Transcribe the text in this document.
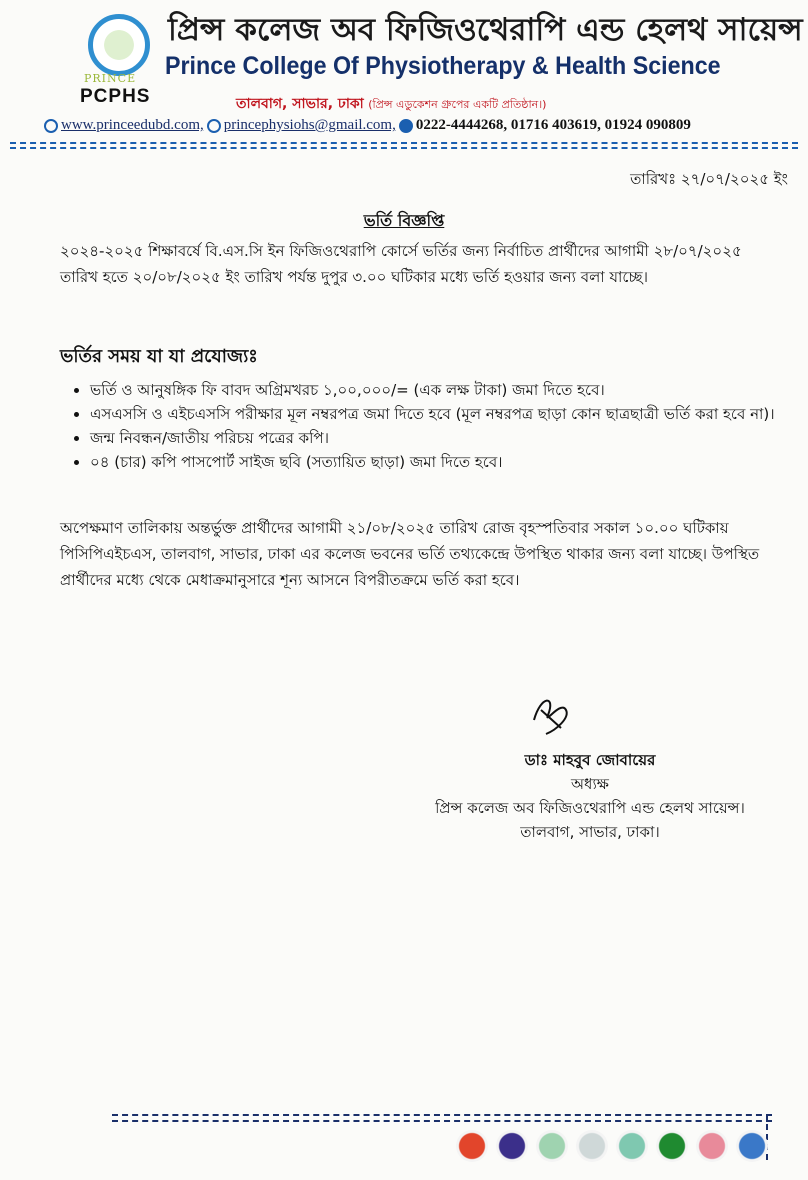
PRINCE
PCPHS
প্রিন্স কলেজ অব ফিজিওথেরাপি এন্ড হেলথ সায়েন্স
Prince College Of Physiotherapy & Health Science
তালবাগ, সাভার, ঢাকা (প্রিন্স এডুকেশন গ্রুপের একটি প্রতিষ্ঠান।)
www.princeedubd.com, princephysiohs@gmail.com, 0222-4444268, 01716 403619, 01924 090809
তারিখঃ ২৭/০৭/২০২৫ ইং
ভর্তি বিজ্ঞপ্তি
২০২৪-২০২৫ শিক্ষাবর্ষে বি.এস.সি ইন ফিজিওথেরাপি কোর্সে ভর্তির জন্য নির্বাচিত প্রার্থীদের আগামী ২৮/০৭/২০২৫ তারিখ হতে ২০/০৮/২০২৫ ইং তারিখ পর্যন্ত দুপুর ৩.০০ ঘটিকার মধ্যে ভর্তি হওয়ার জন্য বলা যাচ্ছে।
ভর্তির সময় যা যা প্রযোজ্যঃ
• ভর্তি ও আনুষঙ্গিক ফি বাবদ অগ্রিমখরচ ১,০০,০০০/= (এক লক্ষ টাকা) জমা দিতে হবে।
• এসএসসি ও এইচএসসি পরীক্ষার মূল নম্বরপত্র জমা দিতে হবে (মূল নম্বরপত্র ছাড়া কোন ছাত্রছাত্রী ভর্তি করা হবে না)।
• জন্ম নিবন্ধন/জাতীয় পরিচয় পত্রের কপি।
• ০৪ (চার) কপি পাসপোর্ট সাইজ ছবি (সত্যায়িত ছাড়া) জমা দিতে হবে।
অপেক্ষমাণ তালিকায় অন্তর্ভুক্ত প্রার্থীদের আগামী ২১/০৮/২০২৫ তারিখ রোজ বৃহস্পতিবার সকাল ১০.০০ ঘটিকায় পিসিপিএইচএস, তালবাগ, সাভার, ঢাকা এর কলেজ ভবনের ভর্তি তথ্যকেন্দ্রে উপস্থিত থাকার জন্য বলা যাচ্ছে। উপস্থিত প্রার্থীদের মধ্যে থেকে মেধাক্রমানুসারে শূন্য আসনে বিপরীতক্রমে ভর্তি করা হবে।
ডাঃ মাহবুব জোবায়ের
অধ্যক্ষ
প্রিন্স কলেজ অব ফিজিওথেরাপি এন্ড হেলথ সায়েন্স।
তালবাগ, সাভার, ঢাকা।
